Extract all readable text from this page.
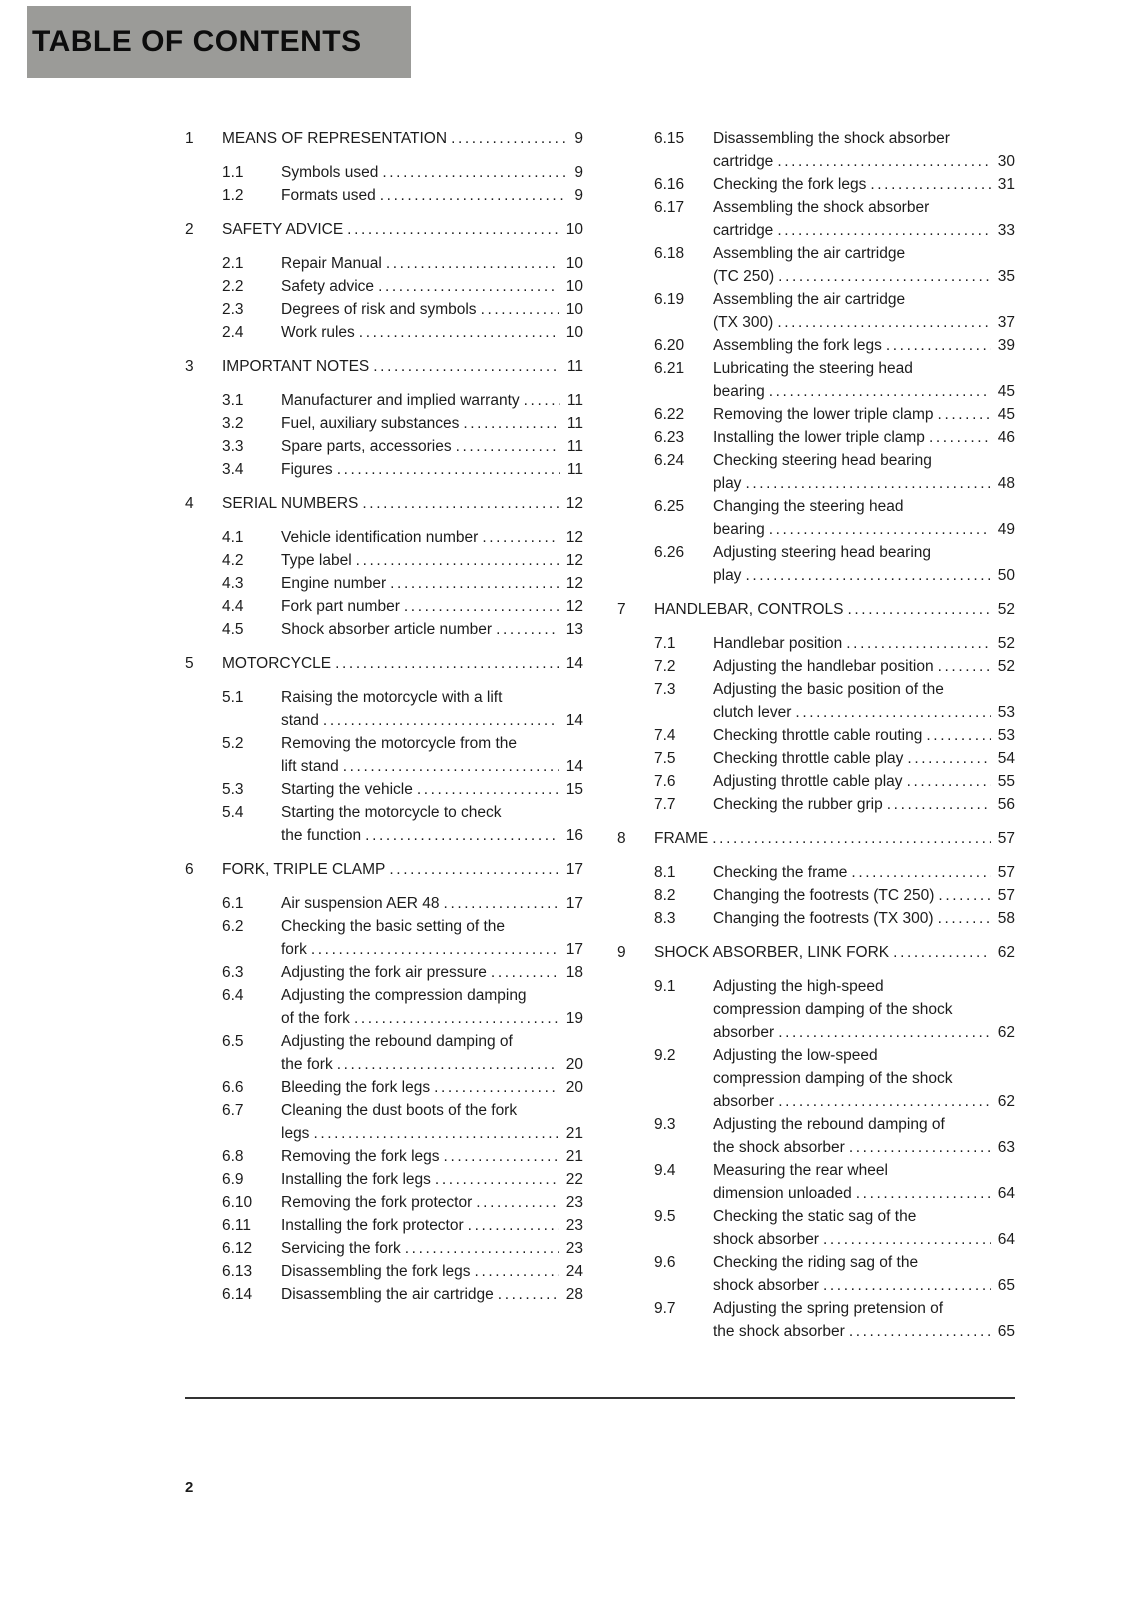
TABLE OF CONTENTS
1	MEANS OF REPRESENTATION	9
1.1	Symbols used	9
1.2	Formats used	9
2	SAFETY ADVICE	10
2.1	Repair Manual	10
2.2	Safety advice	10
2.3	Degrees of risk and symbols	10
2.4	Work rules	10
3	IMPORTANT NOTES	11
3.1	Manufacturer and implied warranty	11
3.2	Fuel, auxiliary substances	11
3.3	Spare parts, accessories	11
3.4	Figures	11
4	SERIAL NUMBERS	12
4.1	Vehicle identification number	12
4.2	Type label	12
4.3	Engine number	12
4.4	Fork part number	12
4.5	Shock absorber article number	13
5	MOTORCYCLE	14
5.1	Raising the motorcycle with a lift stand	14
5.2	Removing the motorcycle from the lift stand	14
5.3	Starting the vehicle	15
5.4	Starting the motorcycle to check the function	16
6	FORK, TRIPLE CLAMP	17
6.1	Air suspension AER 48	17
6.2	Checking the basic setting of the fork	17
6.3	Adjusting the fork air pressure	18
6.4	Adjusting the compression damping of the fork	19
6.5	Adjusting the rebound damping of the fork	20
6.6	Bleeding the fork legs	20
6.7	Cleaning the dust boots of the fork legs	21
6.8	Removing the fork legs	21
6.9	Installing the fork legs	22
6.10	Removing the fork protector	23
6.11	Installing the fork protector	23
6.12	Servicing the fork	23
6.13	Disassembling the fork legs	24
6.14	Disassembling the air cartridge	28
6.15	Disassembling the shock absorber cartridge	30
6.16	Checking the fork legs	31
6.17	Assembling the shock absorber cartridge	33
6.18	Assembling the air cartridge (TC 250)	35
6.19	Assembling the air cartridge (TX 300)	37
6.20	Assembling the fork legs	39
6.21	Lubricating the steering head bearing	45
6.22	Removing the lower triple clamp	45
6.23	Installing the lower triple clamp	46
6.24	Checking steering head bearing play	48
6.25	Changing the steering head bearing	49
6.26	Adjusting steering head bearing play	50
7	HANDLEBAR, CONTROLS	52
7.1	Handlebar position	52
7.2	Adjusting the handlebar position	52
7.3	Adjusting the basic position of the clutch lever	53
7.4	Checking throttle cable routing	53
7.5	Checking throttle cable play	54
7.6	Adjusting throttle cable play	55
7.7	Checking the rubber grip	56
8	FRAME	57
8.1	Checking the frame	57
8.2	Changing the footrests (TC 250)	57
8.3	Changing the footrests (TX 300)	58
9	SHOCK ABSORBER, LINK FORK	62
9.1	Adjusting the high-speed compression damping of the shock absorber	62
9.2	Adjusting the low-speed compression damping of the shock absorber	62
9.3	Adjusting the rebound damping of the shock absorber	63
9.4	Measuring the rear wheel dimension unloaded	64
9.5	Checking the static sag of the shock absorber	64
9.6	Checking the riding sag of the shock absorber	65
9.7	Adjusting the spring pretension of the shock absorber	65
2
